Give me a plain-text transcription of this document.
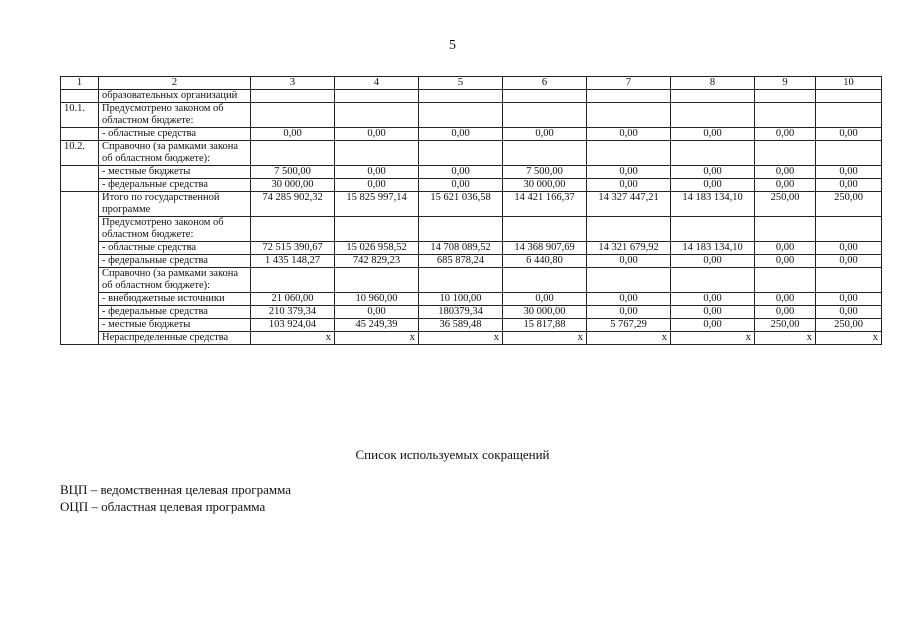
5
1	2	3	4	5	6	7	8	9	10
	образовательных организаций								
10.1.	Предусмотрено законом об областном бюджете:								
	- областные средства	0,00	0,00	0,00	0,00	0,00	0,00	0,00	0,00
10.2.	Справочно (за рамками закона об областном бюджете):								
	- местные бюджеты	7 500,00	0,00	0,00	7 500,00	0,00	0,00	0,00	0,00
	- федеральные средства	30 000,00	0,00	0,00	30 000,00	0,00	0,00	0,00	0,00
	Итого по государственной программе	74 285 902,32	15 825 997,14	15 621 036,58	14 421 166,37	14 327 447,21	14 183 134,10	250,00	250,00
	Предусмотрено законом об областном бюджете:								
	- областные средства	72 515 390,67	15 026 958,52	14 708 089,52	14 368 907,69	14 321 679,92	14 183 134,10	0,00	0,00
	- федеральные средства	1 435 148,27	742 829,23	685 878,24	6 440,80	0,00	0,00	0,00	0,00
	Справочно (за рамками закона об областном бюджете):								
	- внебюджетные источники	21 060,00	10 960,00	10 100,00	0,00	0,00	0,00	0,00	0,00
	- федеральные средства	210 379,34	0,00	180379,34	30 000,00	0,00	0,00	0,00	0,00
	- местные бюджеты	103 924,04	45 249,39	36 589,48	15 817,88	5 767,29	0,00	250,00	250,00
	Нераспределенные средства	x	x	x	x	x	x	x	x
Список используемых сокращений
ВЦП – ведомственная целевая программа
ОЦП – областная целевая программа
